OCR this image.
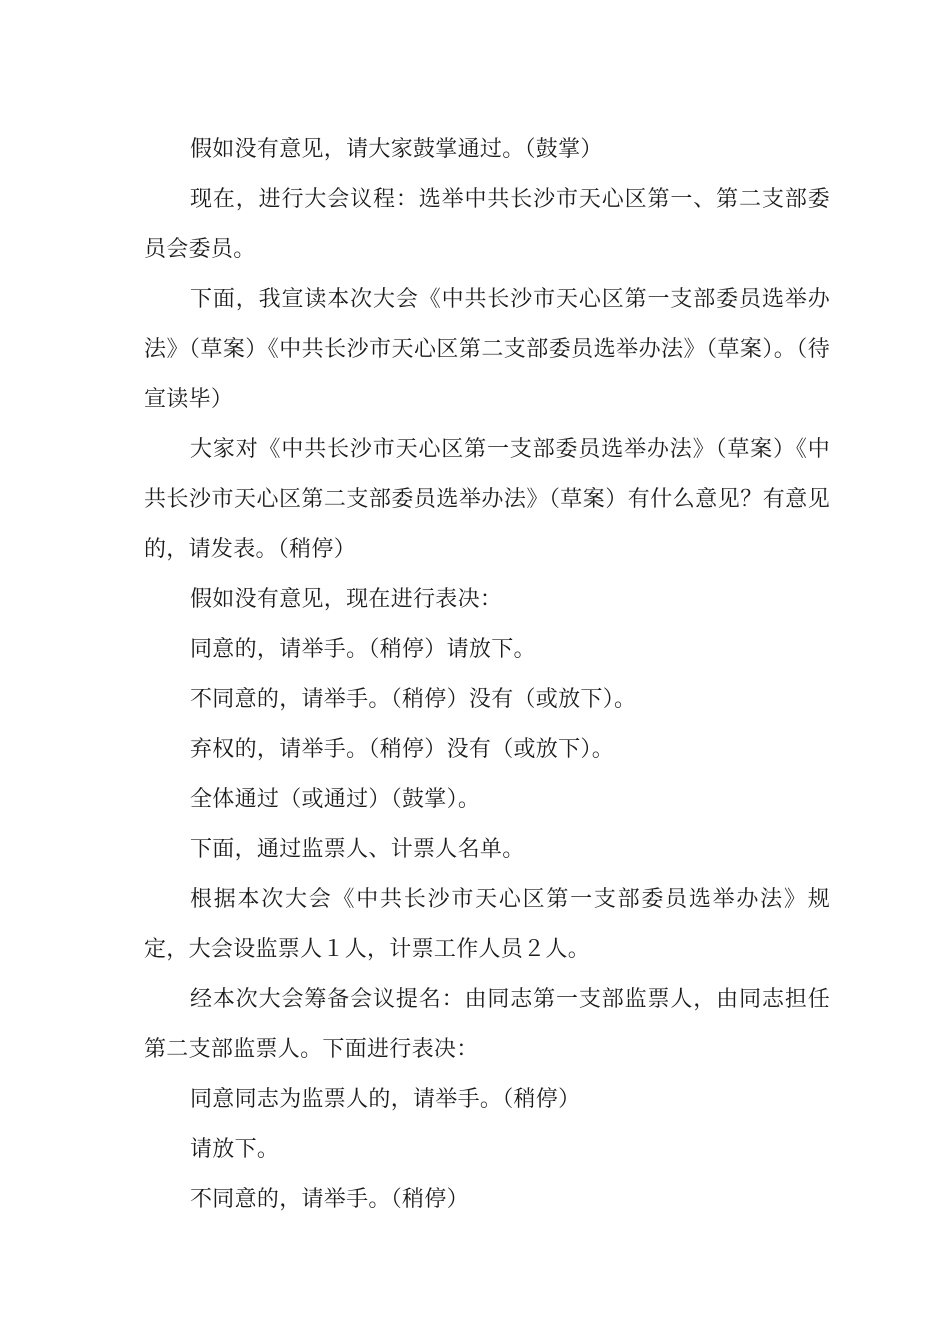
假如没有意见，请大家鼓掌通过。（鼓掌）

现在，进行大会议程：选举中共长沙市天心区第一、第二支部委员会委员。

下面，我宣读本次大会《中共长沙市天心区第一支部委员选举办法》（草案）《中共长沙市天心区第二支部委员选举办法》（草案）。（待宣读毕）

大家对《中共长沙市天心区第一支部委员选举办法》（草案）《中共长沙市天心区第二支部委员选举办法》（草案）有什么意见？有意见的，请发表。（稍停）

假如没有意见，现在进行表决：

同意的，请举手。（稍停）请放下。

不同意的，请举手。（稍停）没有（或放下）。

弃权的，请举手。（稍停）没有（或放下）。

全体通过（或通过）（鼓掌）。

下面，通过监票人、计票人名单。

根据本次大会《中共长沙市天心区第一支部委员选举办法》规定，大会设监票人１人，计票工作人员２人。

经本次大会筹备会议提名：由同志第一支部监票人，由同志担任第二支部监票人。下面进行表决：

同意同志为监票人的，请举手。（稍停）

请放下。

不同意的，请举手。（稍停）
